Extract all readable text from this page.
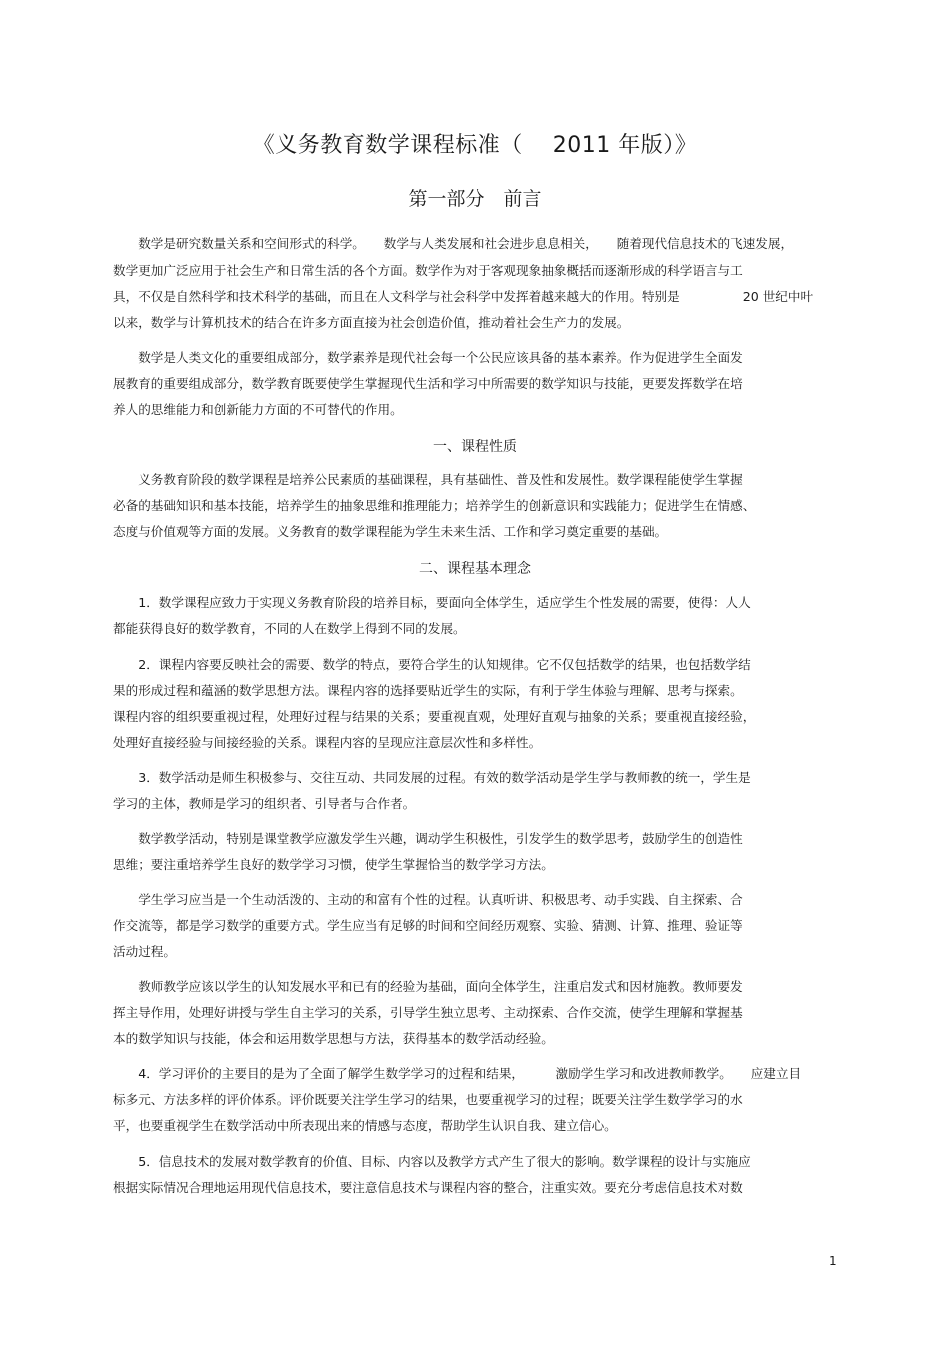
《义务教育数学课程标准（　 2011 年版）》
第一部分　前言
　　数学是研究数量关系和空间形式的科学。　　数学与人类发展和社会进步息息相关，　　随着现代信息技术的飞速发展，
数学更加广泛应用于社会生产和日常生活的各个方面。数学作为对于客观现象抽象概括而逐渐形成的科学语言与工
具，不仅是自然科学和技术科学的基础，而且在人文科学与社会科学中发挥着越来越大的作用。特别是　　　　　20 世纪中叶
以来，数学与计算机技术的结合在许多方面直接为社会创造价值，推动着社会生产力的发展。
　　数学是人类文化的重要组成部分，数学素养是现代社会每一个公民应该具备的基本素养。作为促进学生全面发
展教育的重要组成部分，数学教育既要使学生掌握现代生活和学习中所需要的数学知识与技能，更要发挥数学在培
养人的思维能力和创新能力方面的不可替代的作用。
一、课程性质
　　义务教育阶段的数学课程是培养公民素质的基础课程，具有基础性、普及性和发展性。数学课程能使学生掌握
必备的基础知识和基本技能，培养学生的抽象思维和推理能力；培养学生的创新意识和实践能力；促进学生在情感、
态度与价值观等方面的发展。义务教育的数学课程能为学生未来生活、工作和学习奠定重要的基础。
二、课程基本理念
　　1．数学课程应致力于实现义务教育阶段的培养目标，要面向全体学生，适应学生个性发展的需要，使得：人人
都能获得良好的数学教育，不同的人在数学上得到不同的发展。
　　2．课程内容要反映社会的需要、数学的特点，要符合学生的认知规律。它不仅包括数学的结果，也包括数学结
果的形成过程和蕴涵的数学思想方法。课程内容的选择要贴近学生的实际，有利于学生体验与理解、思考与探索。
课程内容的组织要重视过程，处理好过程与结果的关系；要重视直观，处理好直观与抽象的关系；要重视直接经验，
处理好直接经验与间接经验的关系。课程内容的呈现应注意层次性和多样性。
　　3．数学活动是师生积极参与、交往互动、共同发展的过程。有效的数学活动是学生学与教师教的统一，学生是
学习的主体，教师是学习的组织者、引导者与合作者。
　　数学教学活动，特别是课堂教学应激发学生兴趣，调动学生积极性，引发学生的数学思考，鼓励学生的创造性
思维；要注重培养学生良好的数学学习习惯，使学生掌握恰当的数学学习方法。
　　学生学习应当是一个生动活泼的、主动的和富有个性的过程。认真听讲、积极思考、动手实践、自主探索、合
作交流等，都是学习数学的重要方式。学生应当有足够的时间和空间经历观察、实验、猜测、计算、推理、验证等
活动过程。
　　教师教学应该以学生的认知发展水平和已有的经验为基础，面向全体学生，注重启发式和因材施教。教师要发
挥主导作用，处理好讲授与学生自主学习的关系，引导学生独立思考、主动探索、合作交流，使学生理解和掌握基
本的数学知识与技能，体会和运用数学思想与方法，获得基本的数学活动经验。
　　4．学习评价的主要目的是为了全面了解学生数学学习的过程和结果，　　　激励学生学习和改进教师教学。　　应建立目
标多元、方法多样的评价体系。评价既要关注学生学习的结果，也要重视学习的过程；既要关注学生数学学习的水
平，也要重视学生在数学活动中所表现出来的情感与态度，帮助学生认识自我、建立信心。
　　5．信息技术的发展对数学教育的价值、目标、内容以及教学方式产生了很大的影响。数学课程的设计与实施应
根据实际情况合理地运用现代信息技术，要注意信息技术与课程内容的整合，注重实效。要充分考虑信息技术对数
1
